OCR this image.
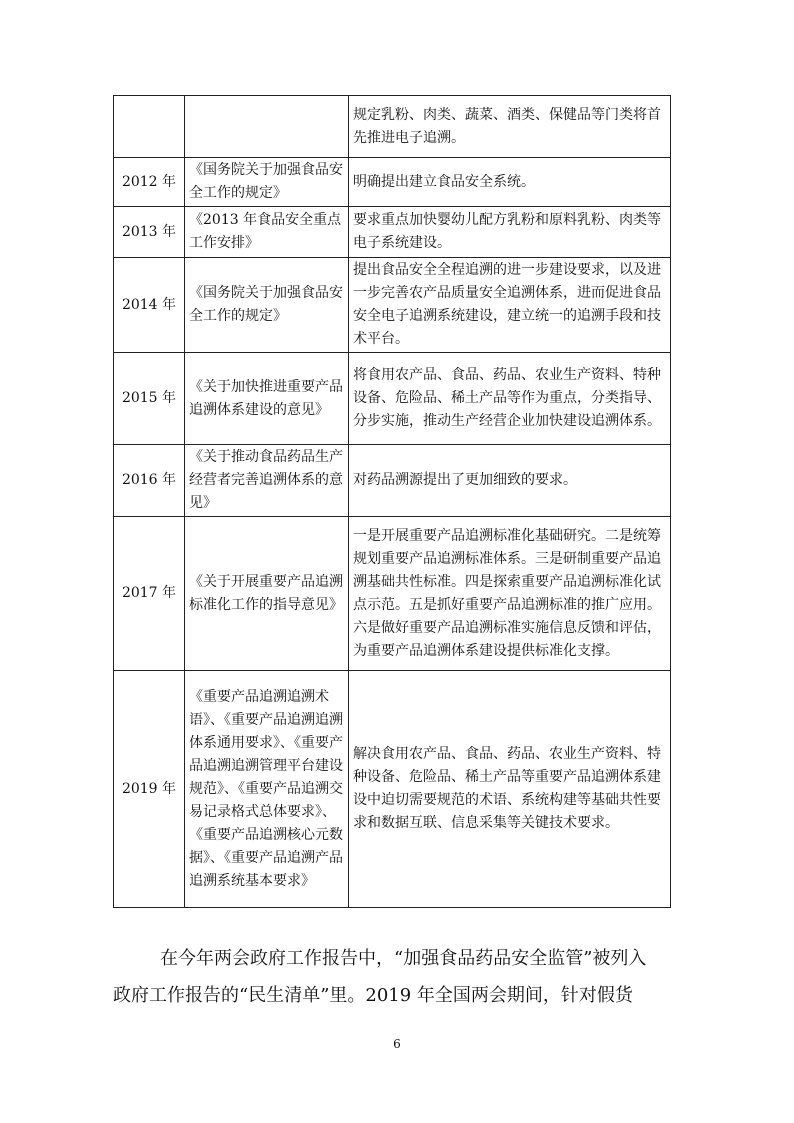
		规定乳粉、肉类、蔬菜、酒类、保健品等门类将首先推进电子追溯。
2012 年	《国务院关于加强食品安全工作的规定》	明确提出建立食品安全系统。
2013 年	《2013 年食品安全重点工作安排》	要求重点加快婴幼儿配方乳粉和原料乳粉、肉类等电子系统建设。
2014 年	《国务院关于加强食品安全工作的规定》	提出食品安全全程追溯的进一步建设要求，以及进一步完善农产品质量安全追溯体系，进而促进食品安全电子追溯系统建设，建立统一的追溯手段和技术平台。
2015 年	《关于加快推进重要产品追溯体系建设的意见》	将食用农产品、食品、药品、农业生产资料、特种设备、危险品、稀土产品等作为重点，分类指导、分步实施，推动生产经营企业加快建设追溯体系。
2016 年	《关于推动食品药品生产经营者完善追溯体系的意见》	对药品溯源提出了更加细致的要求。
2017 年	《关于开展重要产品追溯标准化工作的指导意见》	一是开展重要产品追溯标准化基础研究。二是统筹规划重要产品追溯标准体系。三是研制重要产品追溯基础共性标准。四是探索重要产品追溯标准化试点示范。五是抓好重要产品追溯标准的推广应用。六是做好重要产品追溯标准实施信息反馈和评估，为重要产品追溯体系建设提供标准化支撑。
2019 年	《重要产品追溯追溯术语》、《重要产品追溯追溯体系通用要求》、《重要产品追溯追溯管理平台建设规范》、《重要产品追溯交易记录格式总体要求》、《重要产品追溯核心元数据》、《重要产品追溯产品追溯系统基本要求》	解决食用农产品、食品、药品、农业生产资料、特种设备、危险品、稀土产品等重要产品追溯体系建设中迫切需要规范的术语、系统构建等基础共性要求和数据互联、信息采集等关键技术要求。

在今年两会政府工作报告中，“加强食品药品安全监管”被列入
政府工作报告的“民生清单”里。2019 年全国两会期间，针对假货

6
